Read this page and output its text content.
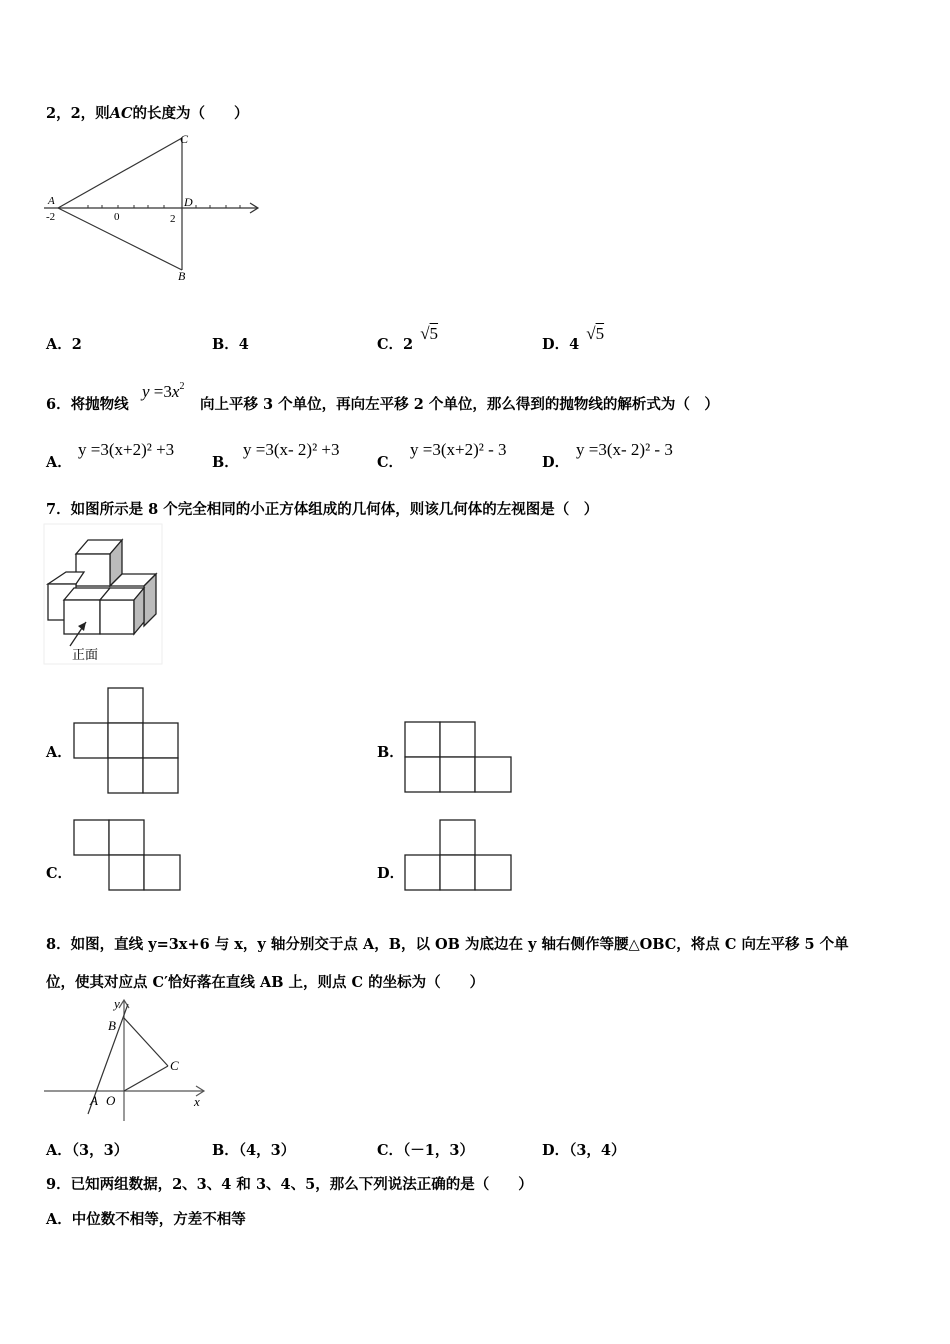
2，2，则AC的长度为（　　）
C
A	D
B
-2	0	2
A．2	B．4	C．2 √5
D．4 √5
6．将抛物线
$y =3x^2$
向上平移 3 个单位，再向左平移 2 个单位，那么得到的抛物线的解析式为（　）
A．
y =3(x+2)² +3
B．
y =3(x- 2)² +3
C．
y =3(x+2)² - 3
D．
y =3(x- 2)² - 3
7．如图所示是 8 个完全相同的小正方体组成的几何体，则该几何体的左视图是（　）
正面
A．	B．
C．	D．
8．如图，直线 y=3x+6 与 x，y 轴分别交于点 A，B，以 OB 为底边在 y 轴右侧作等腰△OBC，将点 C 向左平移 5 个单
位，使其对应点 C′恰好落在直线 AB 上，则点 C 的坐标为（　　）
y
B
C
A O	x
A．（3，3）	B．（4，3）	C．（－1，3）	D．（3，4）
9．已知两组数据，2、3、4 和 3、4、5，那么下列说法正确的是（　　）
A．中位数不相等，方差不相等
